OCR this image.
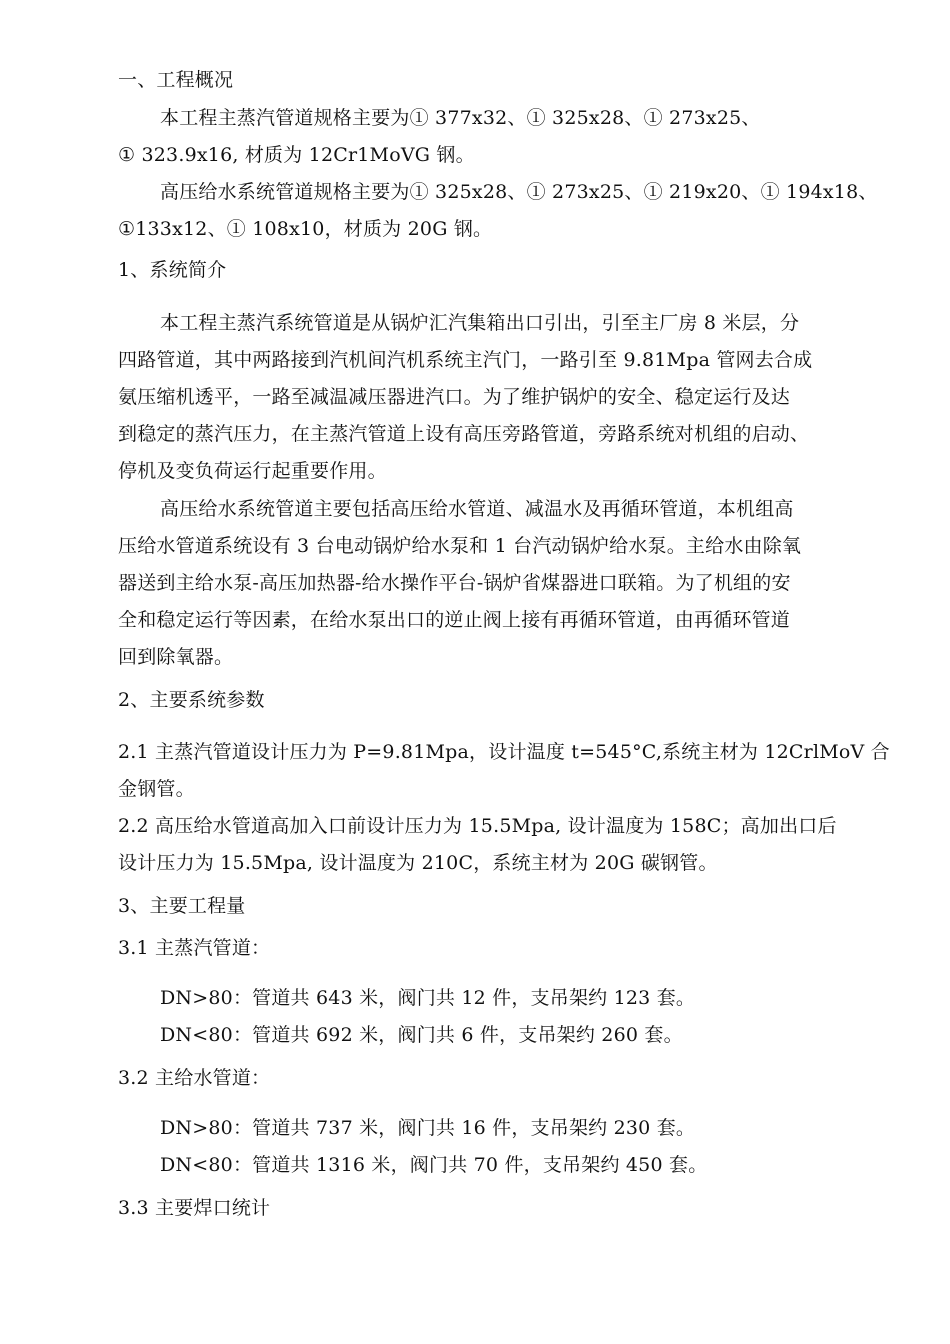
一、工程概况
本工程主蒸汽管道规格主要为① 377x32、① 325x28、① 273x25、
① 323.9x16, 材质为 12Cr1MoVG 钢。
高压给水系统管道规格主要为① 325x28、① 273x25、① 219x20、① 194x18、
①133x12、① 108x10，材质为 20G 钢。
1、系统简介
本工程主蒸汽系统管道是从锅炉汇汽集箱出口引出，引至主厂房 8 米层，分
四路管道，其中两路接到汽机间汽机系统主汽门，一路引至 9.81Mpa 管网去合成
氨压缩机透平，一路至减温减压器进汽口。为了维护锅炉的安全、稳定运行及达
到稳定的蒸汽压力，在主蒸汽管道上设有高压旁路管道，旁路系统对机组的启动、
停机及变负荷运行起重要作用。
高压给水系统管道主要包括高压给水管道、减温水及再循环管道，本机组高
压给水管道系统设有 3 台电动锅炉给水泵和 1 台汽动锅炉给水泵。主给水由除氧
器送到主给水泵-高压加热器-给水操作平台-锅炉省煤器进口联箱。为了机组的安
全和稳定运行等因素，在给水泵出口的逆止阀上接有再循环管道，由再循环管道
回到除氧器。
2、主要系统参数
2.1 主蒸汽管道设计压力为 P=9.81Mpa，设计温度 t=545°C,系统主材为 12CrlMoV 合
金钢管。
2.2 高压给水管道高加入口前设计压力为 15.5Mpa, 设计温度为 158C；高加出口后
设计压力为 15.5Mpa, 设计温度为 210C，系统主材为 20G 碳钢管。
3、主要工程量
3.1 主蒸汽管道：
DN>80：管道共 643 米，阀门共 12 件，支吊架约 123 套。
DN<80：管道共 692 米，阀门共 6 件，支吊架约 260 套。
3.2 主给水管道：
DN>80：管道共 737 米，阀门共 16 件，支吊架约 230 套。
DN<80：管道共 1316 米，阀门共 70 件，支吊架约 450 套。
3.3 主要焊口统计
